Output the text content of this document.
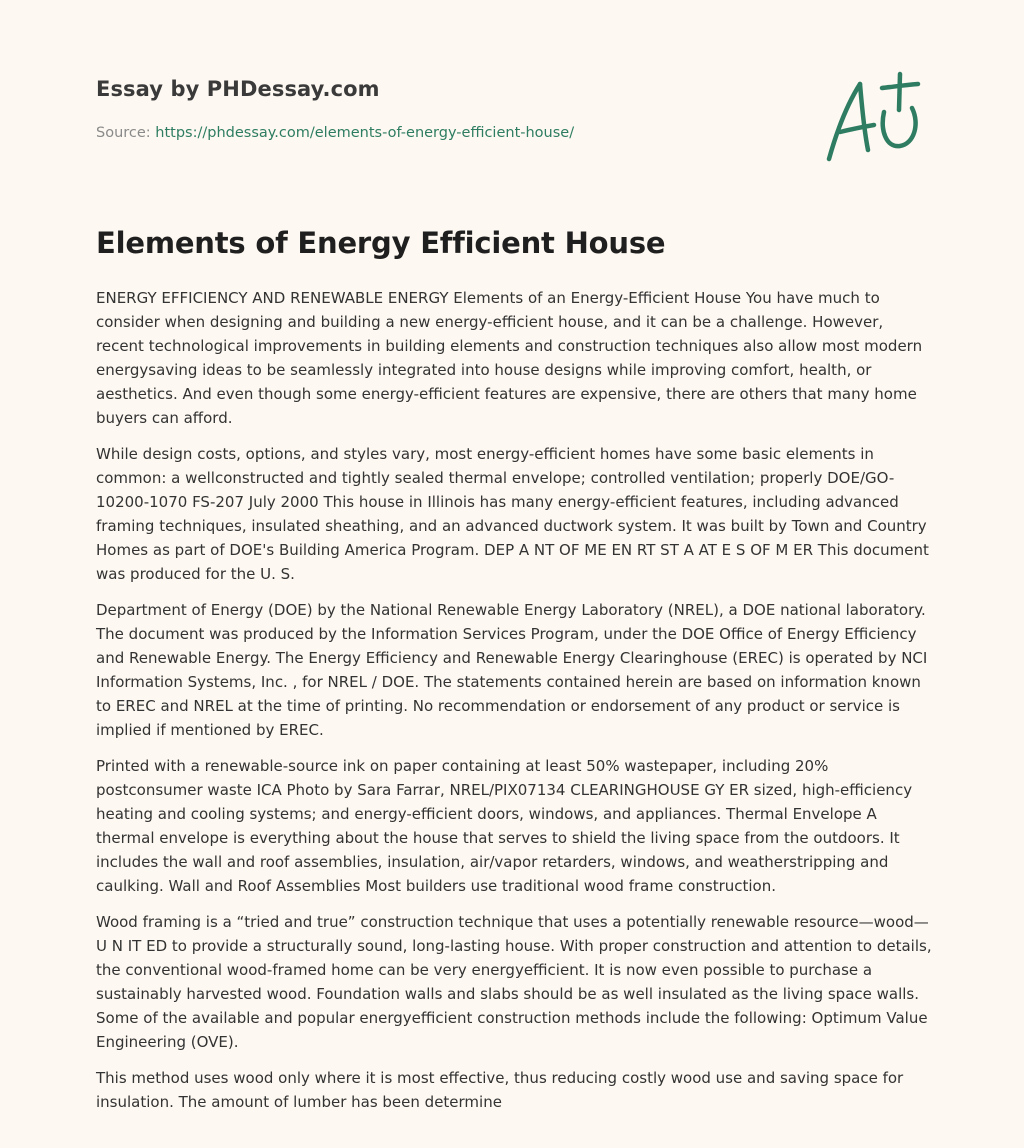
Essay by PHDessay.com
Source: https://phdessay.com/elements-of-energy-efficient-house/
Elements of Energy Efficient House

ENERGY EFFICIENCY AND RENEWABLE ENERGY Elements of an Energy-Efficient House You have much to consider when designing and building a new energy-efficient house, and it can be a challenge. However, recent technological improvements in building elements and construction techniques also allow most modern energysaving ideas to be seamlessly integrated into house designs while improving comfort, health, or aesthetics. And even though some energy-efficient features are expensive, there are others that many home buyers can afford.

While design costs, options, and styles vary, most energy-efficient homes have some basic elements in common: a wellconstructed and tightly sealed thermal envelope; controlled ventilation; properly DOE/GO-10200-1070 FS-207 July 2000 This house in Illinois has many energy-efficient features, including advanced framing techniques, insulated sheathing, and an advanced ductwork system. It was built by Town and Country Homes as part of DOE's Building America Program. DEP A NT OF ME EN RT ST A AT E S OF M ER This document was produced for the U. S.

Department of Energy (DOE) by the National Renewable Energy Laboratory (NREL), a DOE national laboratory. The document was produced by the Information Services Program, under the DOE Office of Energy Efficiency and Renewable Energy. The Energy Efficiency and Renewable Energy Clearinghouse (EREC) is operated by NCI Information Systems, Inc. , for NREL / DOE. The statements contained herein are based on information known to EREC and NREL at the time of printing. No recommendation or endorsement of any product or service is implied if mentioned by EREC.

Printed with a renewable-source ink on paper containing at least 50% wastepaper, including 20% postconsumer waste ICA Photo by Sara Farrar, NREL/PIX07134 CLEARINGHOUSE GY ER sized, high-efficiency heating and cooling systems; and energy-efficient doors, windows, and appliances. Thermal Envelope A thermal envelope is everything about the house that serves to shield the living space from the outdoors. It includes the wall and roof assemblies, insulation, air/vapor retarders, windows, and weatherstripping and caulking. Wall and Roof Assemblies Most builders use traditional wood frame construction.

Wood framing is a “tried and true” construction technique that uses a potentially renewable resource—wood— U N IT ED to provide a structurally sound, long-lasting house. With proper construction and attention to details, the conventional wood-framed home can be very energyefficient. It is now even possible to purchase a sustainably harvested wood. Foundation walls and slabs should be as well insulated as the living space walls. Some of the available and popular energyefficient construction methods include the following: Optimum Value Engineering (OVE).

This method uses wood only where it is most effective, thus reducing costly wood use and saving space for insulation. The amount of lumber has been determine
